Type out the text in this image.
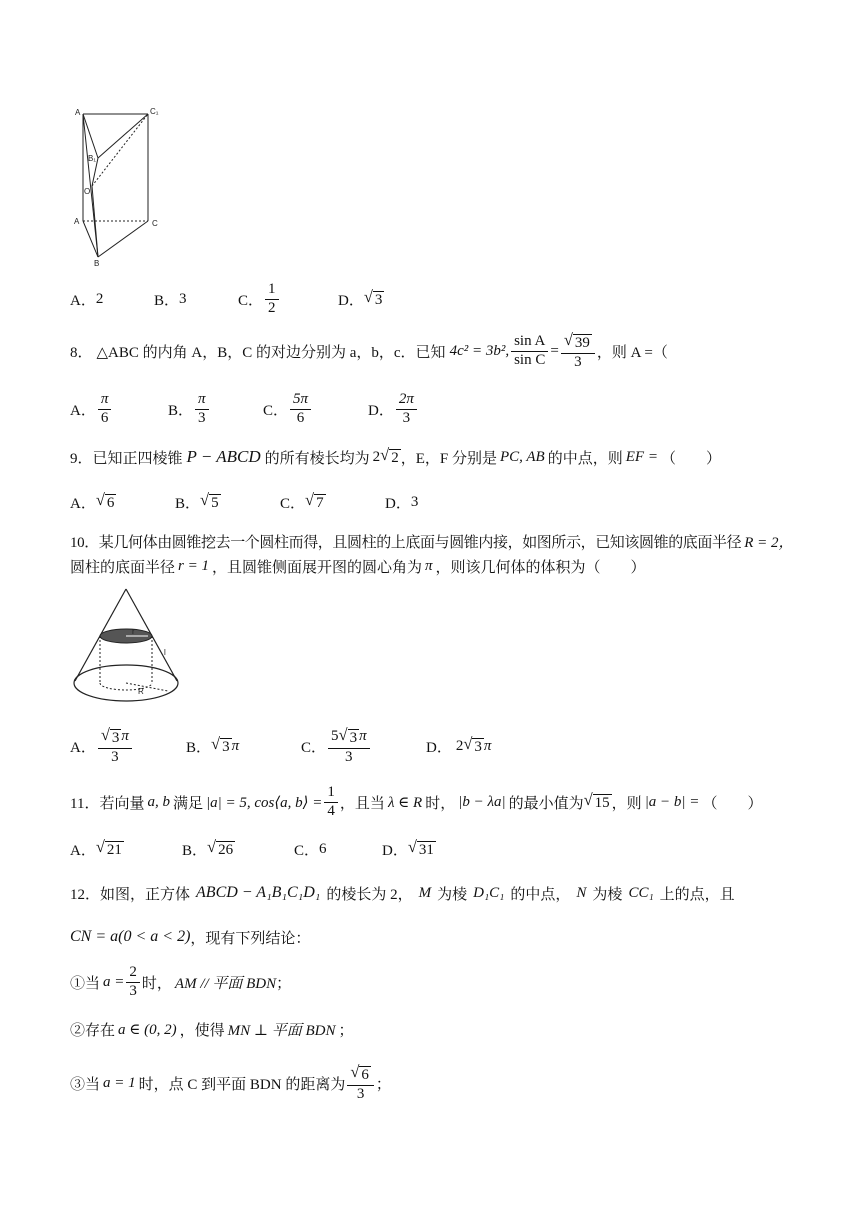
A	C₁
B₁
O
A	C
B
A． 2	B． 3	C． $\frac{1}{2}$	D． √ 3
8． △ABC 的内角 A，B，C 的对边分别为 a，b，c．已知 4c² = 3b², $\frac{\text{sin A}}{\text{sin C}} = \frac{√ 39}{3}$ ，则 A =（
A． $\frac{\pi}{6}$	B． $\frac{\pi}{3}$	C． $\frac{5\pi}{6}$	D． $\frac{2\pi}{3}$
9．已知正四棱锥 P − ABCD 的所有棱长均为 2 √ 2 ，E，F 分别是 PC, AB 的中点，则 EF = （　　）
A． √ 6	B． √ 5	C． √ 7	D． 3
10．某几何体由圆锥挖去一个圆柱而得，且圆柱的上底面与圆锥内接，如图所示，已知该圆锥的底面半径 R = 2，
圆柱的底面半径 r = 1 ，且圆锥侧面展开图的圆心角为 π ，则该几何体的体积为（　　）
r
l
R
A． $\frac{√ 3 \pi}{3}$	B． √ 3 π	C． $\frac{5 √ 3 \pi}{3}$	D． 2 √ 3 π
11．若向量 a, b 满足 |a| = 5, cos⟨a, b⟩ = $\frac{1}{4}$ ，且当 λ ∈ R 时， |b − λa| 的最小值为 √ 15 ，则 |a − b| = （　　）
A． √ 21	B． √ 26	C． 6	D． √ 31
12．如图，正方体 ABCD − A₁B₁C₁D₁ 的棱长为 2， M 为棱 D₁C₁ 的中点， N 为棱 CC₁ 上的点，且
CN = a(0 < a < 2) ，现有下列结论：
①当 $a = \frac{2}{3}$ 时， AM // 平面 BDN ；
②存在 a ∈ (0, 2) ，使得 MN ⊥ 平面 BDN ；
③当 a = 1 时，点 C 到平面 BDN 的距离为 $\frac{√ 6}{3}$ ；
